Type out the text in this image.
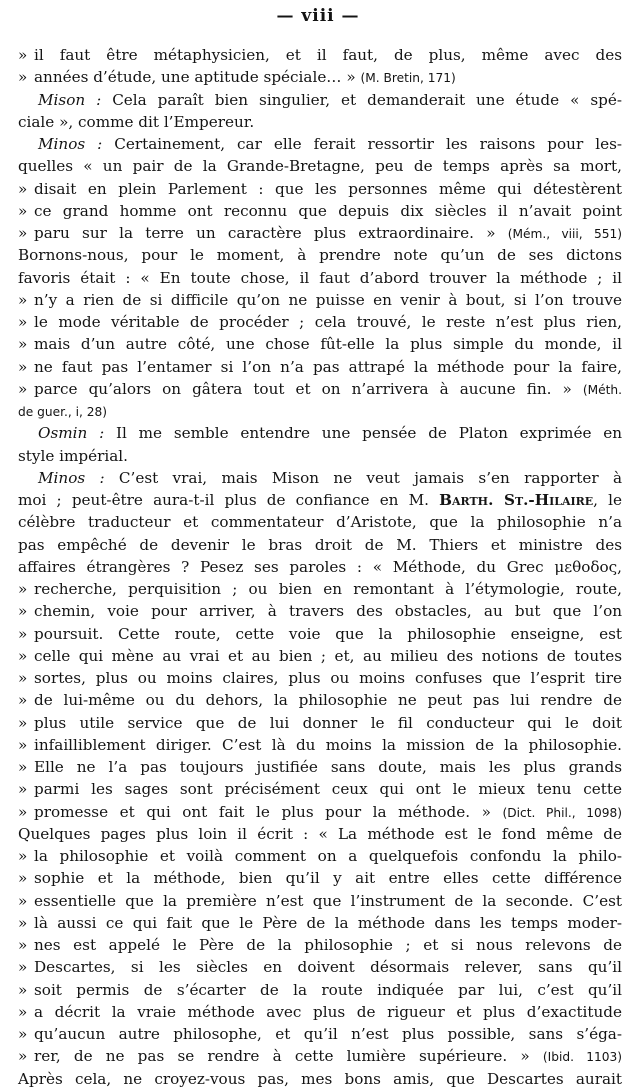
— viii —
» il faut être métaphysicien, et il faut, de plus, même avec des
» années d’étude, une aptitude spéciale… » (M. Bretin, 171)
Mison : Cela paraît bien singulier, et demanderait une étude « spé-
ciale », comme dit l’Empereur.
Minos : Certainement, car elle ferait ressortir les raisons pour les-
quelles « un pair de la Grande-Bretagne, peu de temps après sa mort,
» disait en plein Parlement : que les personnes même qui détestèrent
» ce grand homme ont reconnu que depuis dix siècles il n’avait point
» paru sur la terre un caractère plus extraordinaire. » (Mém., viii, 551)
Bornons-nous, pour le moment, à prendre note qu’un de ses dictons
favoris était : « En toute chose, il faut d’abord trouver la méthode ; il
» n’y a rien de si difficile qu’on ne puisse en venir à bout, si l’on trouve
» le mode véritable de procéder ; cela trouvé, le reste n’est plus rien,
» mais d’un autre côté, une chose fût-elle la plus simple du monde, il
» ne faut pas l’entamer si l’on n’a pas attrapé la méthode pour la faire,
» parce qu’alors on gâtera tout et on n’arrivera à aucune fin. » (Méth.
de guer., i, 28)
Osmin : Il me semble entendre une pensée de Platon exprimée en
style impérial.
Minos : C’est vrai, mais Mison ne veut jamais s’en rapporter à
moi ; peut-être aura-t-il plus de confiance en M. Barth. St.-Hilaire, le
célèbre traducteur et commentateur d’Aristote, que la philosophie n’a
pas empêché de devenir le bras droit de M. Thiers et ministre des
affaires étrangères ? Pesez ses paroles : « Méthode, du Grec μεθοδος,
» recherche, perquisition ; ou bien en remontant à l’étymologie, route,
» chemin, voie pour arriver, à travers des obstacles, au but que l’on
» poursuit. Cette route, cette voie que la philosophie enseigne, est
» celle qui mène au vrai et au bien ; et, au milieu des notions de toutes
» sortes, plus ou moins claires, plus ou moins confuses que l’esprit tire
» de lui-même ou du dehors, la philosophie ne peut pas lui rendre de
» plus utile service que de lui donner le fil conducteur qui le doit
» infailliblement diriger. C’est là du moins la mission de la philosophie.
» Elle ne l’a pas toujours justifiée sans doute, mais les plus grands
» parmi les sages sont précisément ceux qui ont le mieux tenu cette
» promesse et qui ont fait le plus pour la méthode. » (Dict. Phil., 1098)
Quelques pages plus loin il écrit : « La méthode est le fond même de
» la philosophie et voilà comment on a quelquefois confondu la philo-
» sophie et la méthode, bien qu’il y ait entre elles cette différence
» essentielle que la première n’est que l’instrument de la seconde. C’est
» là aussi ce qui fait que le Père de la méthode dans les temps moder-
» nes est appelé le Père de la philosophie ; et si nous relevons de
» Descartes, si les siècles en doivent désormais relever, sans qu’il
» soit permis de s’écarter de la route indiquée par lui, c’est qu’il
» a décrit la vraie méthode avec plus de rigueur et plus d’exactitude
» qu’aucun autre philosophe, et qu’il n’est plus possible, sans s’éga-
» rer, de ne pas se rendre à cette lumière supérieure. » (Ibid. 1103)
Après cela, ne croyez-vous pas, mes bons amis, que Descartes aurait
